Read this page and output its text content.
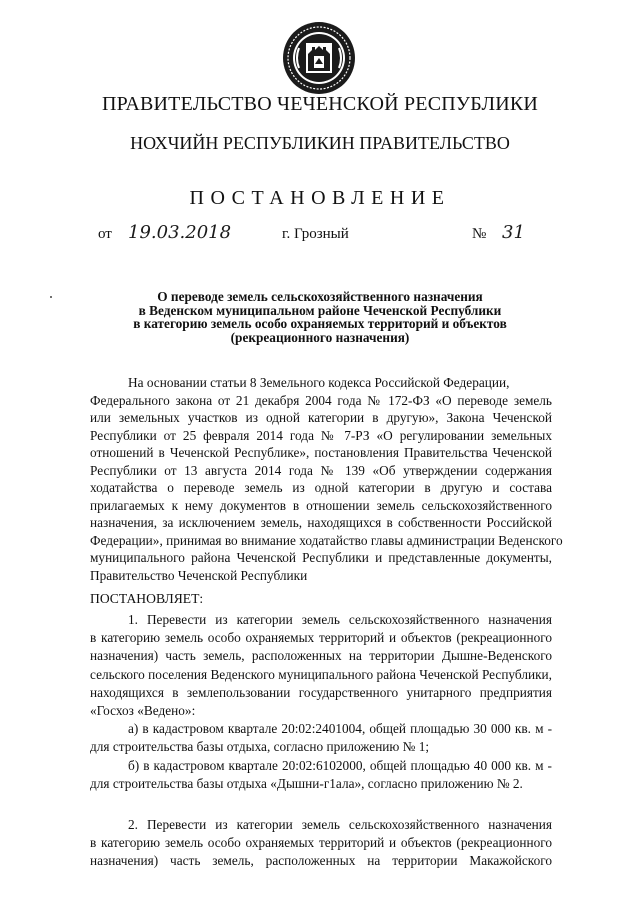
ПРАВИТЕЛЬСТВО ЧЕЧЕНСКОЙ РЕСПУБЛИКИ
НОХЧИЙН РЕСПУБЛИКИН ПРАВИТЕЛЬСТВО
ПОСТАНОВЛЕНИЕ
от 19.03.2018	г. Грозный	№ 31
О переводе земель сельскохозяйственного назначения
в Веденском муниципальном районе Чеченской Республики
в категорию земель особо охраняемых территорий и объектов
(рекреационного назначения)
На основании статьи 8 Земельного кодекса Российской Федерации,
Федерального закона от 21 декабря 2004 года № 172-ФЗ «О переводе земель
или земельных участков из одной категории в другую», Закона Чеченской
Республики от 25 февраля 2014 года № 7-РЗ «О регулировании земельных
отношений в Чеченской Республике», постановления Правительства Чеченской
Республики от 13 августа 2014 года № 139 «Об утверждении содержания
ходатайства о переводе земель из одной категории в другую и состава
прилагаемых к нему документов в отношении земель сельскохозяйственного
назначения, за исключением земель, находящихся в собственности Российской
Федерации», принимая во внимание ходатайство главы администрации Веденского
муниципального района Чеченской Республики и представленные документы,
Правительство Чеченской Республики
ПОСТАНОВЛЯЕТ:
1. Перевести из категории земель сельскохозяйственного назначения
в категорию земель особо охраняемых территорий и объектов (рекреационного
назначения) часть земель, расположенных на территории Дышне-Веденского
сельского поселения Веденского муниципального района Чеченской Республики,
находящихся в землепользовании государственного унитарного предприятия
«Госхоз «Ведено»:
а) в кадастровом квартале 20:02:2401004, общей площадью 30 000 кв. м -
для строительства базы отдыха, согласно приложению № 1;
б) в кадастровом квартале 20:02:6102000, общей площадью 40 000 кв. м -
для строительства базы отдыха «Дышни-г1ала», согласно приложению № 2.
2. Перевести из категории земель сельскохозяйственного назначения
в категорию земель особо охраняемых территорий и объектов (рекреационного
назначения) часть земель, расположенных на территории Макажойского
